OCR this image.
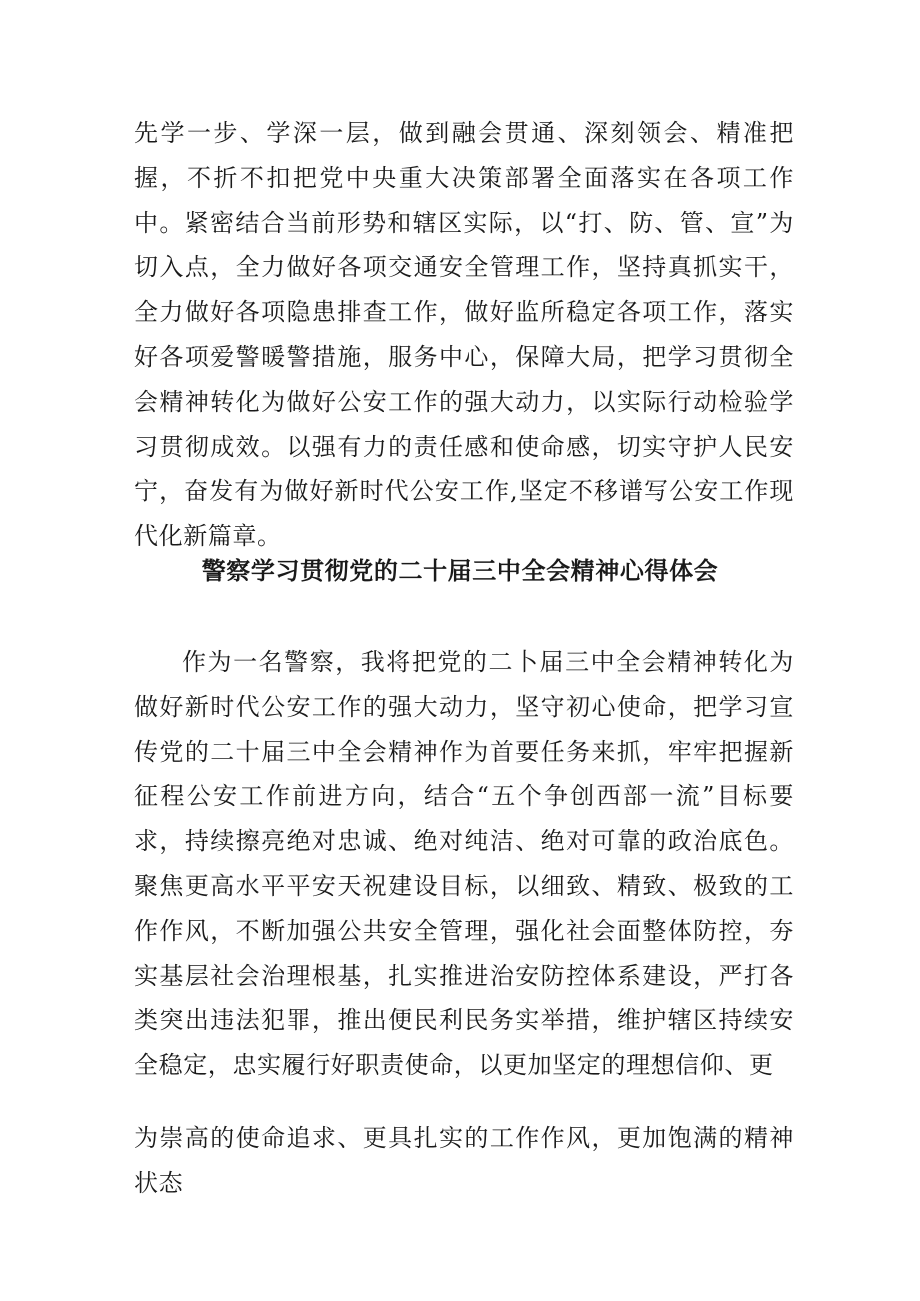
先学一步、学深一层，做到融会贯通、深刻领会、精准把握，不折不扣把党中央重大决策部署全面落实在各项工作中。紧密结合当前形势和辖区实际，以“打、防、管、宣”为切入点，全力做好各项交通安全管理工作，坚持真抓实干，全力做好各项隐患排查工作，做好监所稳定各项工作，落实好各项爱警暖警措施，服务中心，保障大局，把学习贯彻全会精神转化为做好公安工作的强大动力，以实际行动检验学习贯彻成效。以强有力的责任感和使命感，切实守护人民安宁，奋发有为做好新时代公安工作,坚定不移谱写公安工作现代化新篇章。

警察学习贯彻党的二十届三中全会精神心得体会

作为一名警察，我将把党的二卜届三中全会精神转化为做好新时代公安工作的强大动力，坚守初心使命，把学习宣传党的二十届三中全会精神作为首要任务来抓，牢牢把握新征程公安工作前进方向，结合“五个争创西部一流”目标要求，持续擦亮绝对忠诚、绝对纯洁、绝对可靠的政治底色。聚焦更高水平平安天祝建设目标，以细致、精致、极致的工作作风，不断加强公共安全管理，强化社会面整体防控，夯实基层社会治理根基，扎实推进治安防控体系建设，严打各类突出违法犯罪，推出便民利民务实举措，维护辖区持续安全稳定，忠实履行好职责使命，以更加坚定的理想信仰、更

为崇高的使命追求、更具扎实的工作作风，更加饱满的精神状态
